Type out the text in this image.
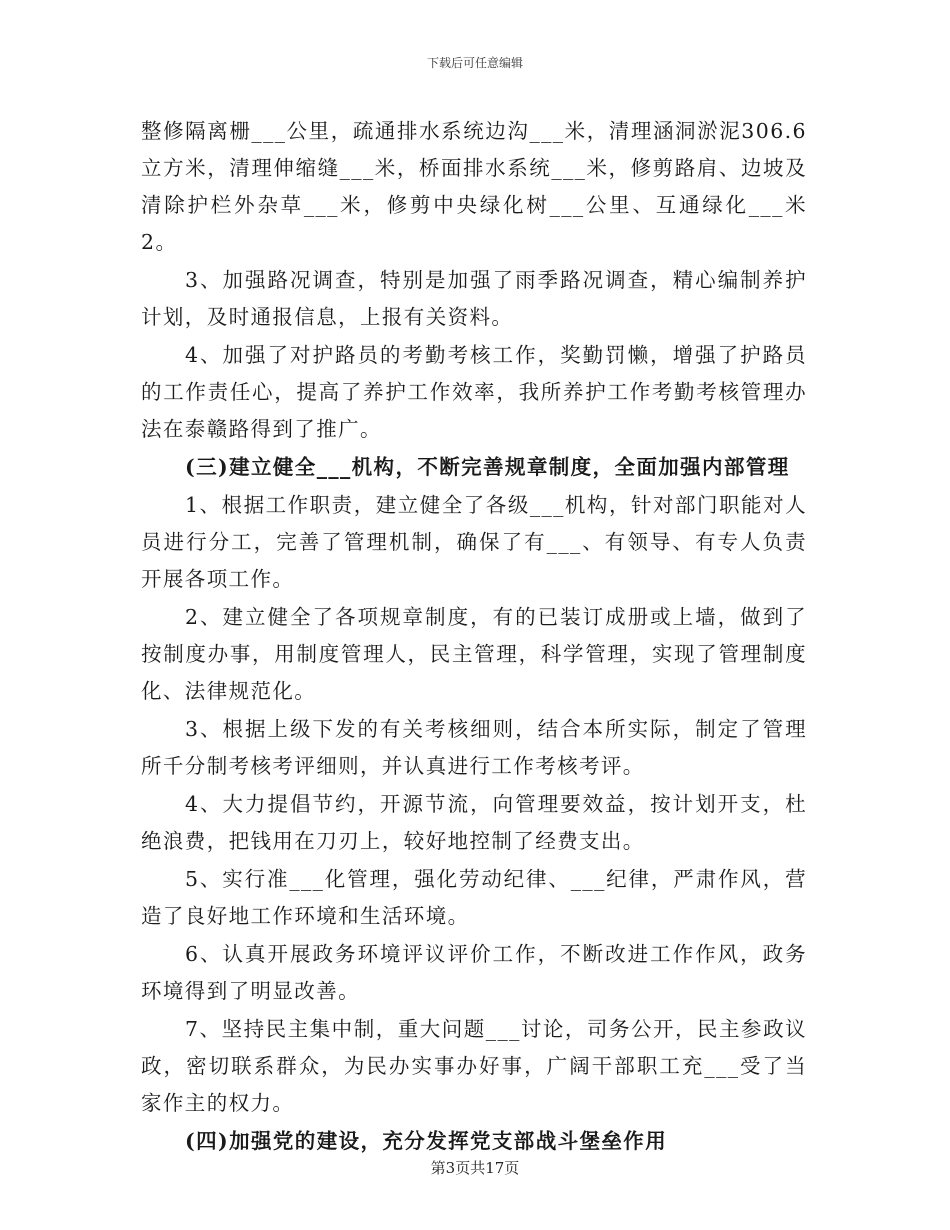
下载后可任意编辑

整修隔离栅___公里，疏通排水系统边沟___米，清理涵洞淤泥306.6立方米，清理伸缩缝___米，桥面排水系统___米，修剪路肩、边坡及清除护栏外杂草___米，修剪中央绿化树___公里、互通绿化___米2。

3、加强路况调查，特别是加强了雨季路况调查，精心编制养护计划，及时通报信息，上报有关资料。

4、加强了对护路员的考勤考核工作，奖勤罚懒，增强了护路员的工作责任心，提高了养护工作效率，我所养护工作考勤考核管理办法在泰赣路得到了推广。

(三)建立健全___机构，不断完善规章制度，全面加强内部管理

1、根据工作职责，建立健全了各级___机构，针对部门职能对人员进行分工，完善了管理机制，确保了有___、有领导、有专人负责开展各项工作。

2、建立健全了各项规章制度，有的已装订成册或上墙，做到了按制度办事，用制度管理人，民主管理，科学管理，实现了管理制度化、法律规范化。

3、根据上级下发的有关考核细则，结合本所实际，制定了管理所千分制考核考评细则，并认真进行工作考核考评。

4、大力提倡节约，开源节流，向管理要效益，按计划开支，杜绝浪费，把钱用在刀刃上，较好地控制了经费支出。

5、实行准___化管理，强化劳动纪律、___纪律，严肃作风，营造了良好地工作环境和生活环境。

6、认真开展政务环境评议评价工作，不断改进工作作风，政务环境得到了明显改善。

7、坚持民主集中制，重大问题___讨论，司务公开，民主参政议政，密切联系群众，为民办实事办好事，广阔干部职工充___受了当家作主的权力。

(四)加强党的建设，充分发挥党支部战斗堡垒作用

第3页共17页
